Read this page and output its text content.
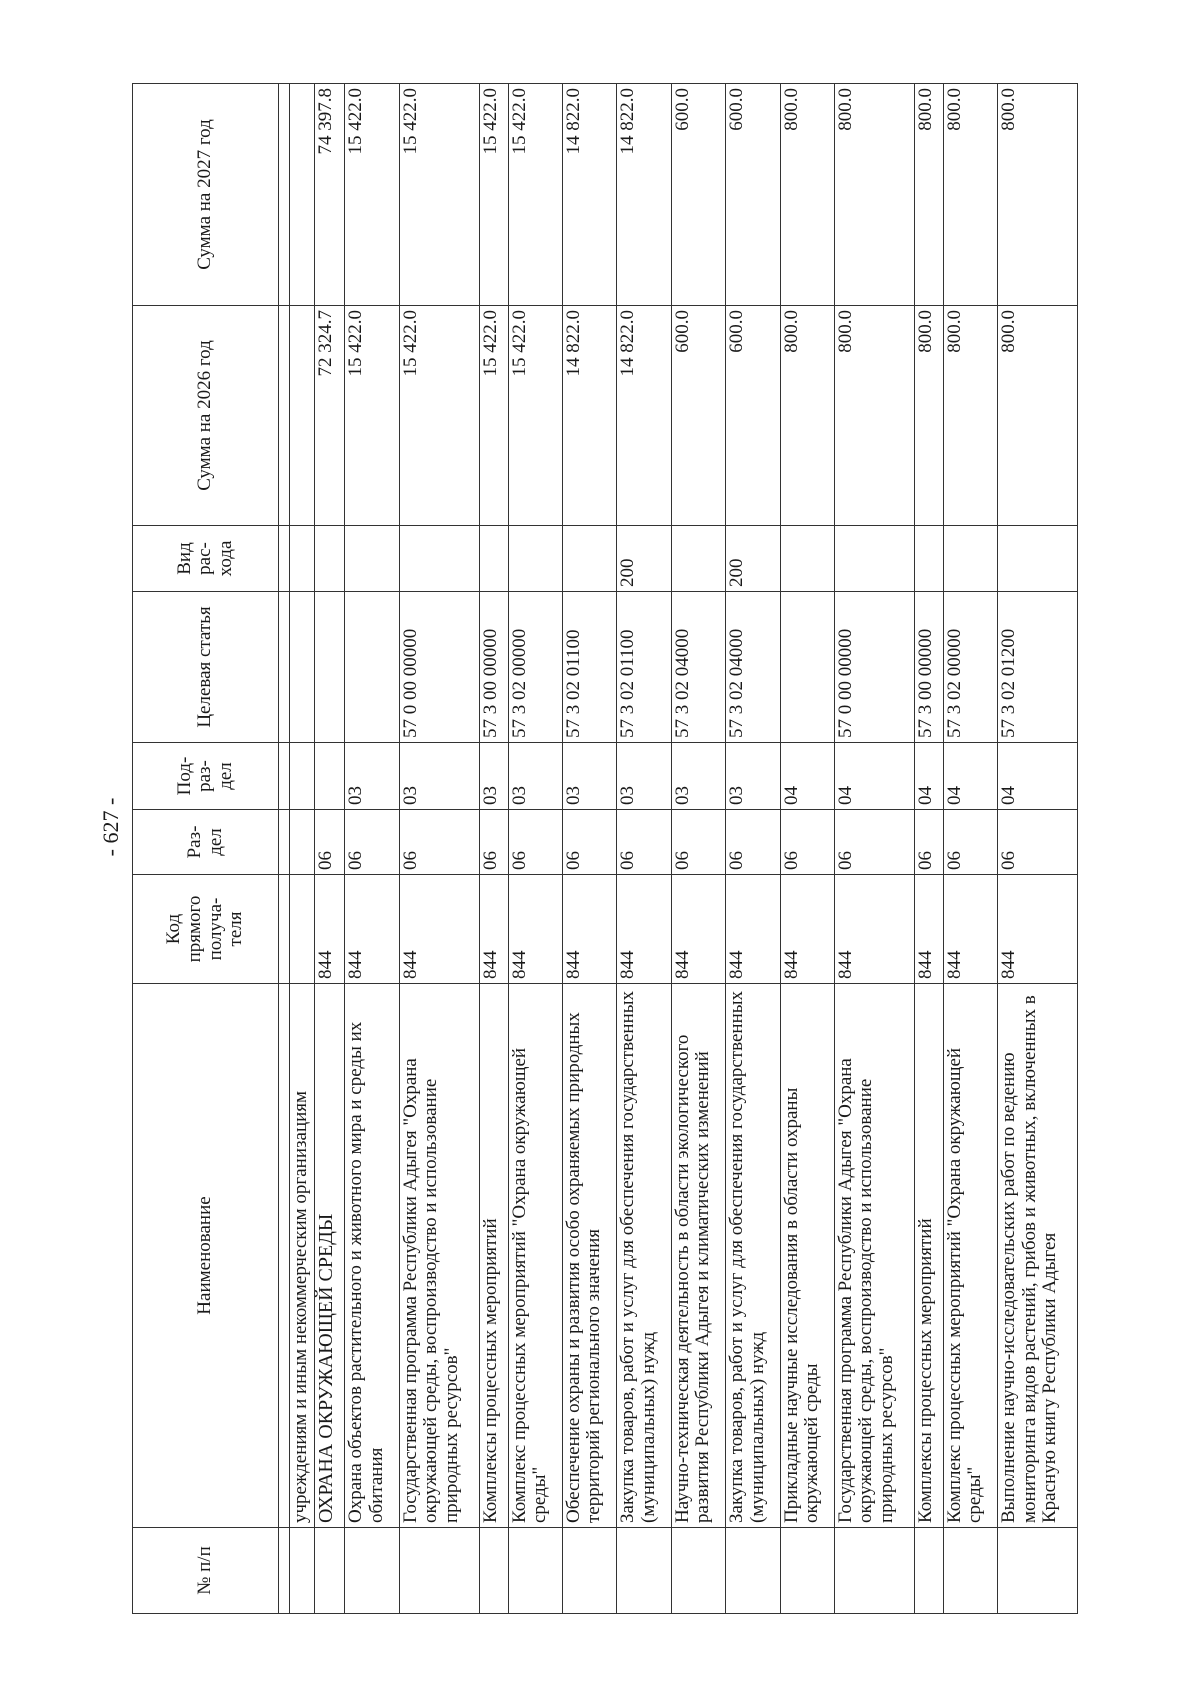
- 627 -
№ п/п	Наименование	Код прямого получа- теля	Раз- дел	Под- раз- дел	Целевая статья	Вид рас- хода	Сумма на 2026 год	Сумма на 2027 год

	учреждениям и иным некоммерческим организациям							
	ОХРАНА ОКРУЖАЮЩЕЙ СРЕДЫ	844	06				72 324.7	74 397.8
	Охрана объектов растительного и животного мира и среды их обитания	844	06	03			15 422.0	15 422.0
	Государственная программа Республики Адыгея "Охрана окружающей среды, воспроизводство и использование природных ресурсов"	844	06	03	57 0 00 00000		15 422.0	15 422.0
	Комплексы процессных мероприятий	844	06	03	57 3 00 00000		15 422.0	15 422.0
	Комплекс процессных мероприятий "Охрана окружающей среды"	844	06	03	57 3 02 00000		15 422.0	15 422.0
	Обеспечение охраны и развития особо охраняемых природных территорий регионального значения	844	06	03	57 3 02 01100		14 822.0	14 822.0
	Закупка товаров, работ и услуг для обеспечения государственных (муниципальных) нужд	844	06	03	57 3 02 01100	200	14 822.0	14 822.0
	Научно-техническая деятельность в области экологического развития Республики Адыгея и климатических изменений	844	06	03	57 3 02 04000		600.0	600.0
	Закупка товаров, работ и услуг для обеспечения государственных (муниципальных) нужд	844	06	03	57 3 02 04000	200	600.0	600.0
	Прикладные научные исследования в области охраны окружающей среды	844	06	04			800.0	800.0
	Государственная программа Республики Адыгея "Охрана окружающей среды, воспроизводство и использование природных ресурсов"	844	06	04	57 0 00 00000		800.0	800.0
	Комплексы процессных мероприятий	844	06	04	57 3 00 00000		800.0	800.0
	Комплекс процессных мероприятий "Охрана окружающей среды"	844	06	04	57 3 02 00000		800.0	800.0
	Выполнение научно-исследовательских работ по ведению мониторинга видов растений, грибов и животных, включенных в Красную книгу Республики Адыгея	844	06	04	57 3 02 01200		800.0	800.0
